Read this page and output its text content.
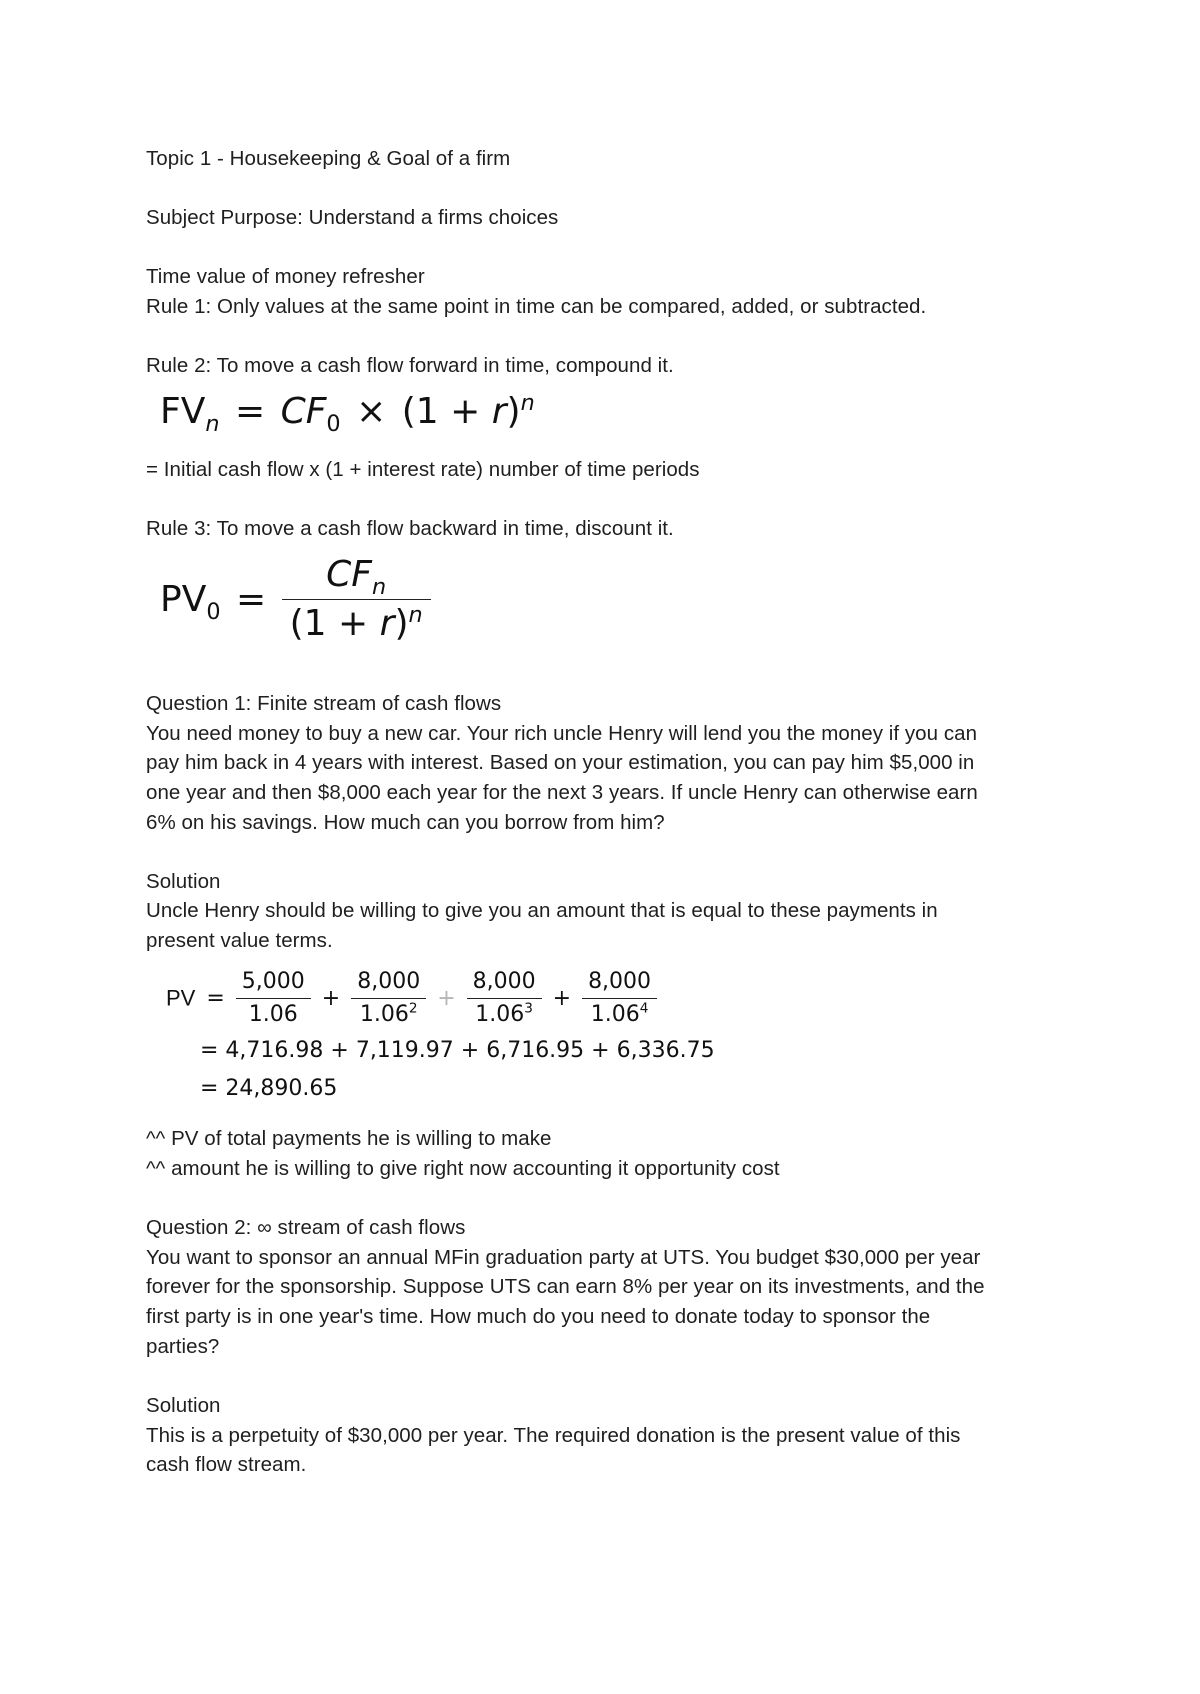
Topic 1 - Housekeeping & Goal of a firm
Subject Purpose: Understand a firms choices
Time value of money refresher
Rule 1: Only values at the same point in time can be compared, added, or subtracted.
Rule 2: To move a cash flow forward in time, compound it.
$FV_n = CF_0 \times (1 + r)^n$
= Initial cash flow x (1 + interest rate) number of time periods
Rule 3: To move a cash flow backward in time, discount it.
$PV_0 = \frac{CF_n}{(1 + r)^n}$
Question 1: Finite stream of cash flows
You need money to buy a new car. Your rich uncle Henry will lend you the money if you can
pay him back in 4 years with interest. Based on your estimation, you can pay him $5,000 in
one year and then $8,000 each year for the next 3 years. If uncle Henry can otherwise earn
6% on his savings. How much can you borrow from him?
Solution
Uncle Henry should be willing to give you an amount that is equal to these payments in
present value terms.
PV = $\frac{5,000}{1.06} + \frac{8,000}{1.06^2} + \frac{8,000}{1.06^3} + \frac{8,000}{1.06^4}$
= 4,716.98 + 7,119.97 + 6,716.95 + 6,336.75
= 24,890.65
^^ PV of total payments he is willing to make
^^ amount he is willing to give right now accounting it opportunity cost
Question 2: ∞ stream of cash flows
You want to sponsor an annual MFin graduation party at UTS. You budget $30,000 per year
forever for the sponsorship. Suppose UTS can earn 8% per year on its investments, and the
first party is in one year's time. How much do you need to donate today to sponsor the
parties?
Solution
This is a perpetuity of $30,000 per year. The required donation is the present value of this
cash flow stream.
